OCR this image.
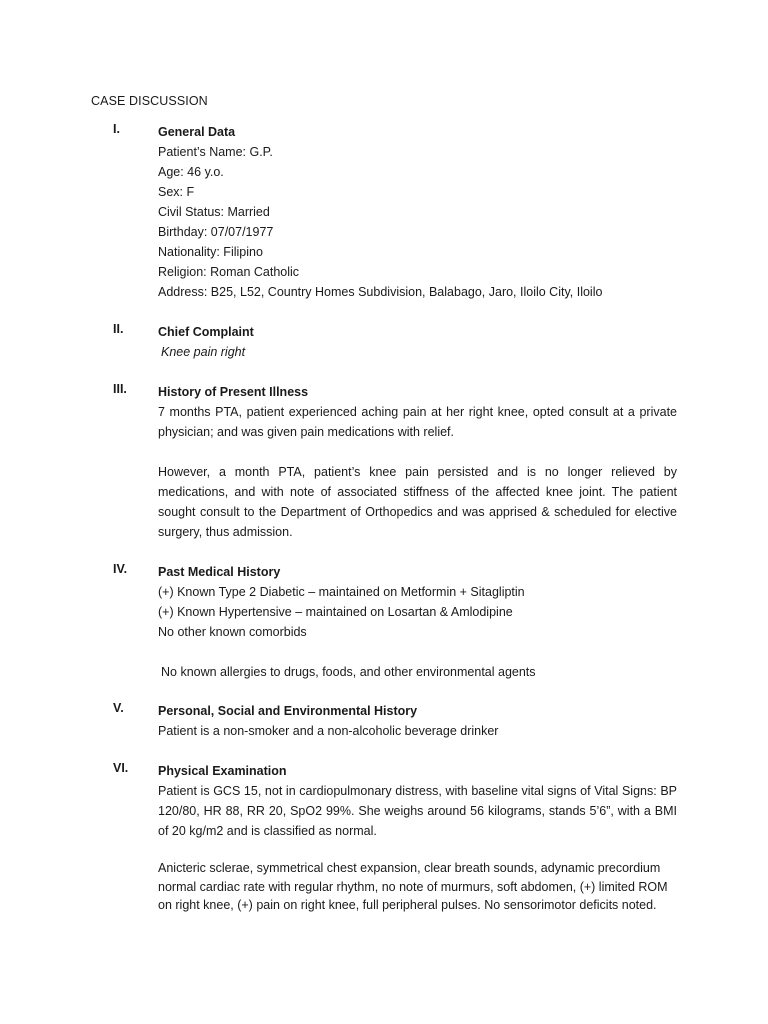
CASE DISCUSSION
I.	General Data
Patient’s Name: G.P.
Age: 46 y.o.
Sex: F
Civil Status: Married
Birthday: 07/07/1977
Nationality: Filipino
Religion: Roman Catholic
Address: B25, L52, Country Homes Subdivision, Balabago, Jaro, Iloilo City, Iloilo
II.	Chief Complaint
Knee pain right
III. History of Present Illness
7 months PTA, patient experienced aching pain at her right knee, opted consult at a private physician; and was given pain medications with relief.
However, a month PTA, patient’s knee pain persisted and is no longer relieved by medications, and with note of associated stiffness of the affected knee joint. The patient sought consult to the Department of Orthopedics and was apprised & scheduled for elective surgery, thus admission.
IV. Past Medical History
(+) Known Type 2 Diabetic – maintained on Metformin + Sitagliptin
(+) Known Hypertensive – maintained on Losartan & Amlodipine
No other known comorbids
No known allergies to drugs, foods, and other environmental agents
V.	Personal, Social and Environmental History
Patient is a non-smoker and a non-alcoholic beverage drinker
VI. Physical Examination
Patient is GCS 15, not in cardiopulmonary distress, with baseline vital signs of Vital Signs: BP 120/80, HR 88, RR 20, SpO2 99%. She weighs around 56 kilograms, stands 5’6”, with a BMI of 20 kg/m2 and is classified as normal.
Anicteric sclerae, symmetrical chest expansion, clear breath sounds, adynamic precordium normal cardiac rate with regular rhythm, no note of murmurs, soft abdomen, (+) limited ROM on right knee, (+) pain on right knee, full peripheral pulses. No sensorimotor deficits noted.
